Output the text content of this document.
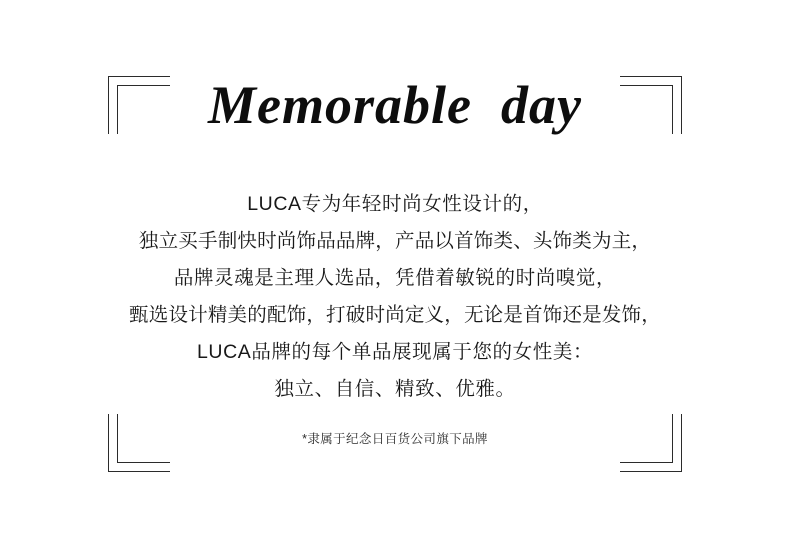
Memorable  day
LUCA专为年轻时尚女性设计的，
独立买手制快时尚饰品品牌，产品以首饰类、头饰类为主，
品牌灵魂是主理人选品，凭借着敏锐的时尚嗅觉，
甄选设计精美的配饰，打破时尚定义，无论是首饰还是发饰，
LUCA品牌的每个单品展现属于您的女性美：
独立、自信、精致、优雅。
*隶属于纪念日百货公司旗下品牌
